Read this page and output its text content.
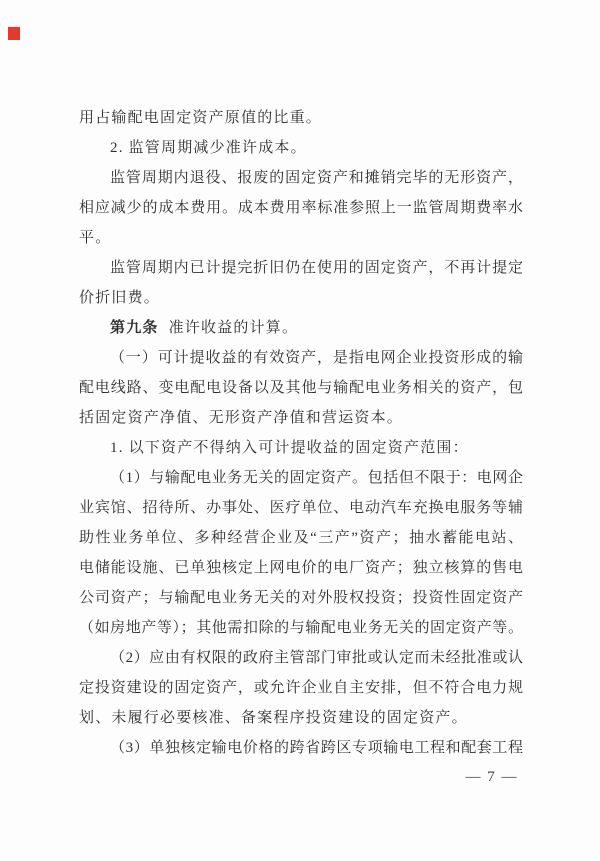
用占输配电固定资产原值的比重。
2. 监管周期减少准许成本。
监管周期内退役、报废的固定资产和摊销完毕的无形资产，
相应减少的成本费用。成本费用率标准参照上一监管周期费率水
平。
监管周期内已计提完折旧仍在使用的固定资产，不再计提定
价折旧费。
第九条 准许收益的计算。
（一）可计提收益的有效资产，是指电网企业投资形成的输
配电线路、变电配电设备以及其他与输配电业务相关的资产，包
括固定资产净值、无形资产净值和营运资本。
1. 以下资产不得纳入可计提收益的固定资产范围：
（1）与输配电业务无关的固定资产。包括但不限于：电网企
业宾馆、招待所、办事处、医疗单位、电动汽车充换电服务等辅
助性业务单位、多种经营企业及“三产”资产；抽水蓄能电站、
电储能设施、已单独核定上网电价的电厂资产；独立核算的售电
公司资产；与输配电业务无关的对外股权投资；投资性固定资产
（如房地产等）；其他需扣除的与输配电业务无关的固定资产等。
（2）应由有权限的政府主管部门审批或认定而未经批准或认
定投资建设的固定资产，或允许企业自主安排，但不符合电力规
划、未履行必要核准、备案程序投资建设的固定资产。
（3）单独核定输电价格的跨省跨区专项输电工程和配套工程
— 7 —
